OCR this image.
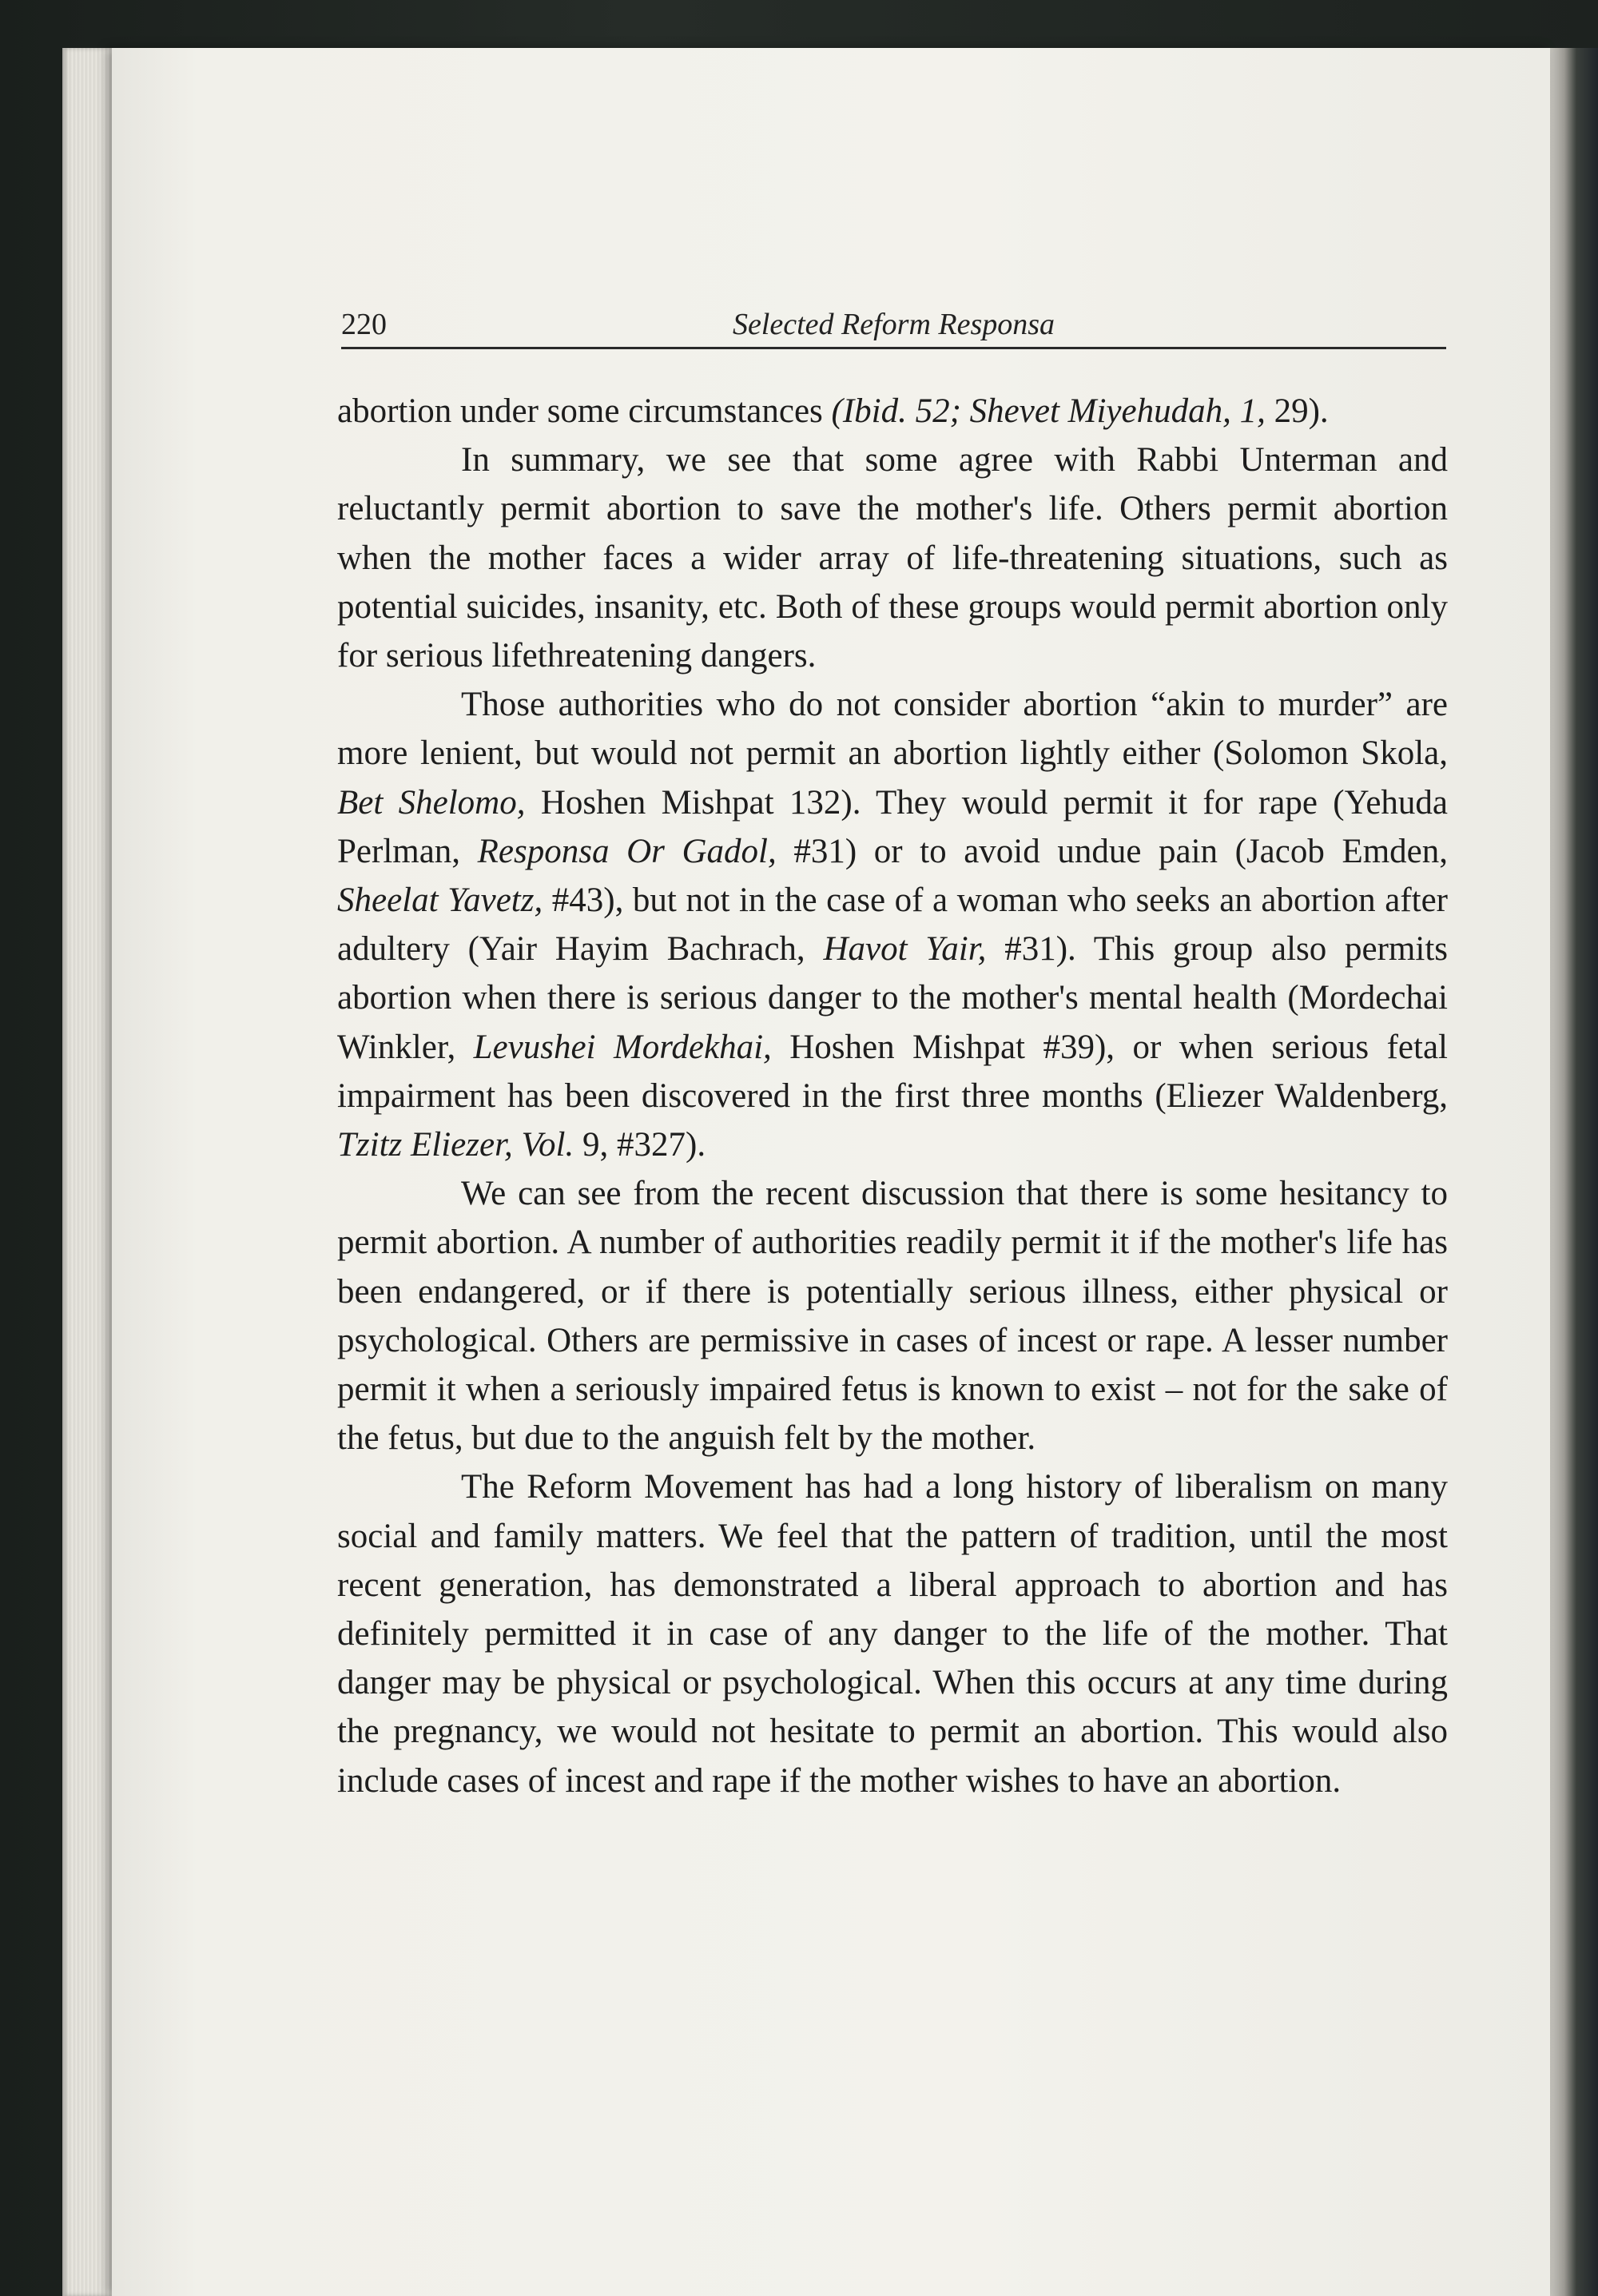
220	Selected Reform Responsa

abortion under some circumstances (Ibid. 52; Shevet Miyehudah, 1, 29).

In summary, we see that some agree with Rabbi Unterman and reluctantly permit abortion to save the mother's life. Others permit abortion when the mother faces a wider array of life-threatening situations, such as potential suicides, insanity, etc. Both of these groups would permit abortion only for serious lifethreatening dangers.

Those authorities who do not consider abortion “akin to murder” are more lenient, but would not permit an abortion lightly either (Solomon Skola, Bet Shelomo, Hoshen Mishpat 132). They would permit it for rape (Yehuda Perlman, Responsa Or Gadol, #31) or to avoid undue pain (Jacob Emden, Sheelat Yavetz, #43), but not in the case of a woman who seeks an abortion after adultery (Yair Hayim Bachrach, Havot Yair, #31). This group also permits abortion when there is serious danger to the mother's mental health (Mordechai Winkler, Levushei Mordekhai, Hoshen Mishpat #39), or when serious fetal impairment has been discovered in the first three months (Eliezer Waldenberg, Tzitz Eliezer, Vol. 9, #327).

We can see from the recent discussion that there is some hesitancy to permit abortion. A number of authorities readily permit it if the mother's life has been endangered, or if there is potentially serious illness, either physical or psychological. Others are permissive in cases of incest or rape. A lesser number permit it when a seriously impaired fetus is known to exist – not for the sake of the fetus, but due to the anguish felt by the mother.

The Reform Movement has had a long history of liberalism on many social and family matters. We feel that the pattern of tradition, until the most recent generation, has demonstrated a liberal approach to abortion and has definitely permitted it in case of any danger to the life of the mother. That danger may be physical or psychological. When this occurs at any time during the pregnancy, we would not hesitate to permit an abortion. This would also include cases of incest and rape if the mother wishes to have an abortion.
